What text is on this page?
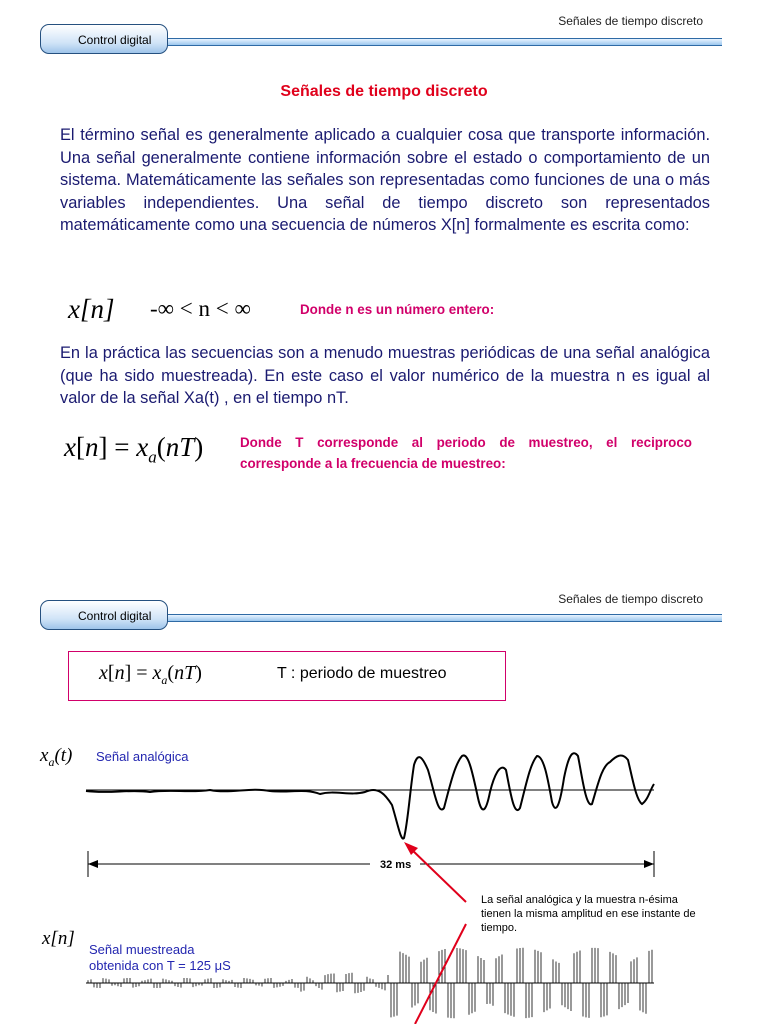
Señales de tiempo discreto
Control digital
Señales de tiempo discreto
El término señal es generalmente aplicado a cualquier cosa que transporte información. Una señal generalmente contiene información sobre el estado o comportamiento de un sistema. Matemáticamente las señales son representadas como funciones de una o más variables independientes. Una señal de tiempo discreto son representados matemáticamente como una secuencia de números X[n] formalmente es escrita como:
x[n] -∞ < n < ∞	Donde n es un número entero:
En la práctica las secuencias son a menudo muestras periódicas de una señal analógica (que ha sido muestreada). En este caso el valor numérico de la muestra n es igual al valor de la señal Xa(t) , en el tiempo nT.
$x[n] = x_a(nT)$	Donde T corresponde al periodo de muestreo, el reciproco corresponde a la frecuencia de muestreo:
Señales de tiempo discreto
Control digital
$x[n] = x_a(nT)$	T : periodo de muestreo
$x_a(t)$ Señal analógica
x[n]
Señal muestreada
obtenida con T = 125 μS
La señal analógica y la muestra n-ésima tienen la misma amplitud en ese instante de tiempo.
32 ms
